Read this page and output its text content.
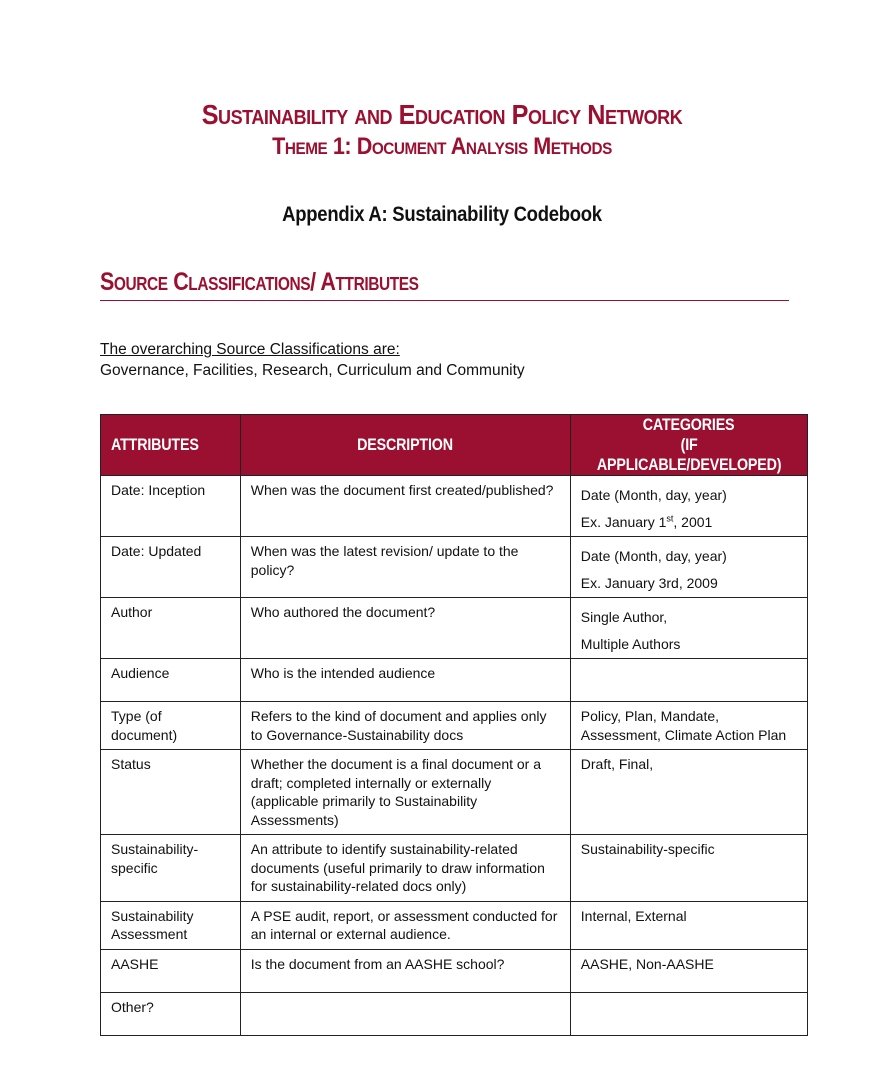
Sustainability and Education Policy Network
Theme 1: Document Analysis Methods
Appendix A: Sustainability Codebook
Source Classifications/ Attributes
The overarching Source Classifications are:
Governance, Facilities, Research, Curriculum and Community
ATTRIBUTES	DESCRIPTION	CATEGORIES
(IF APPLICABLE/DEVELOPED)
Date: Inception	When was the document first created/published?	Date (Month, day, year)
Ex. January 1st, 2001

Date: Updated	When was the latest revision/ update to the policy?	Date (Month, day, year)
Ex. January 3rd, 2009

Author	Who authored the document?	Single Author,
Multiple Authors

Audience	Who is the intended audience	
Type (of document)	Refers to the kind of document and applies only to Governance-Sustainability docs	Policy, Plan, Mandate, Assessment, Climate Action Plan
Status	Whether the document is a final document or a draft; completed internally or externally (applicable primarily to Sustainability Assessments)	Draft, Final,
Sustainability-specific	An attribute to identify sustainability-related documents (useful primarily to draw information for sustainability-related docs only)	Sustainability-specific
Sustainability Assessment	A PSE audit, report, or assessment conducted for an internal or external audience.	Internal, External
AASHE	Is the document from an AASHE school?	AASHE, Non-AASHE
Other?		
